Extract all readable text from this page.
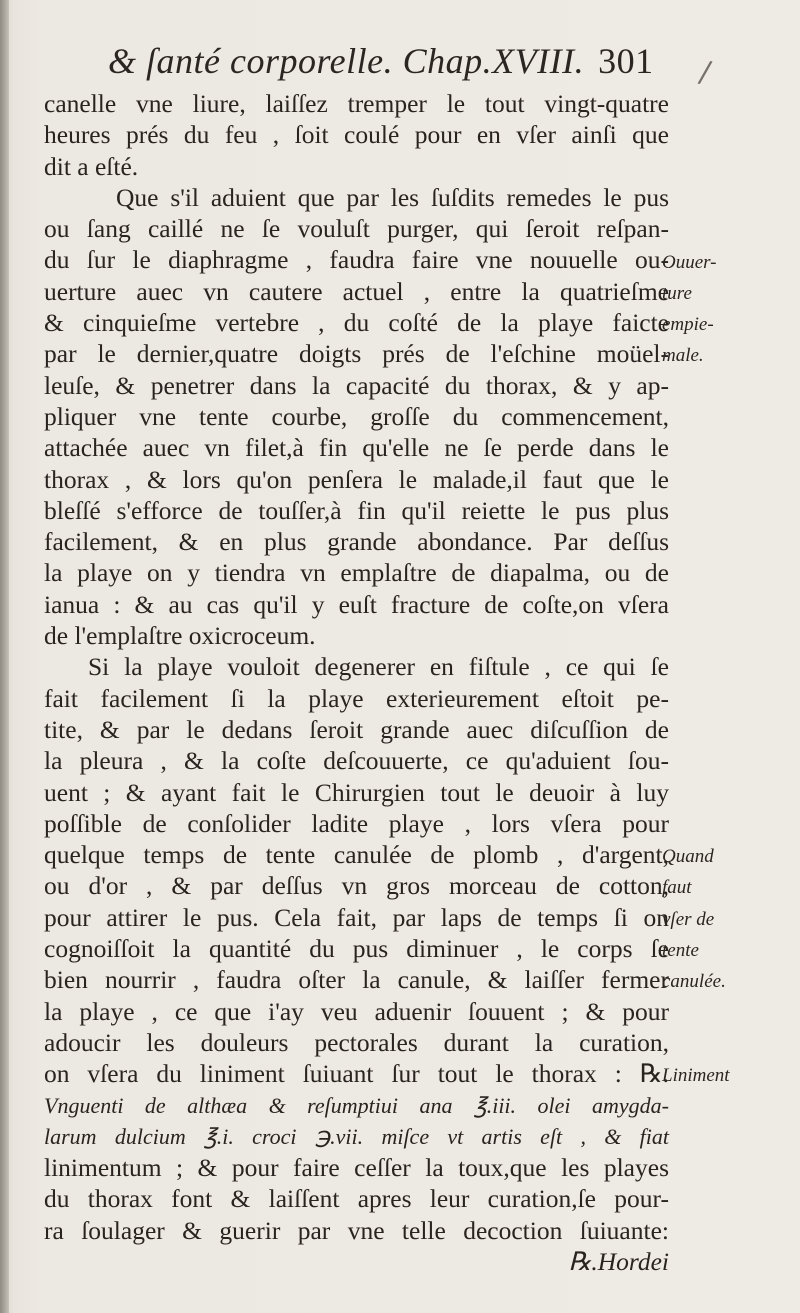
& ſanté corporelle. Chap.XVIII. 301	/
canelle vne liure, laiſſez tremper le tout vingt-quatre
heures prés du feu , ſoit coulé pour en vſer ainſi que
dit a eſté.
Que s'il aduient que par les ſuſdits remedes le pus
ou ſang caillé ne ſe vouluſt purger, qui ſeroit reſpan-
du ſur le diaphragme , faudra faire vne nouuelle ou-
uerture auec vn cautere actuel , entre la quatrieſme
& cinquieſme vertebre , du coſté de la playe faicte
par le dernier,quatre doigts prés de l'eſchine moüel-
leuſe, & penetrer dans la capacité du thorax, & y ap-
pliquer vne tente courbe, groſſe du commencement,
attachée auec vn filet,à fin qu'elle ne ſe perde dans le
thorax , & lors qu'on penſera le malade,il faut que le
bleſſé s'efforce de touſſer,à fin qu'il reiette le pus plus
facilement, & en plus grande abondance. Par deſſus
la playe on y tiendra vn emplaſtre de diapalma, ou de
ianua : & au cas qu'il y euſt fracture de coſte,on vſera
de l'emplaſtre oxicroceum.
Si la playe vouloit degenerer en fiſtule , ce qui ſe
fait facilement ſi la playe exterieurement eſtoit pe-
tite, & par le dedans ſeroit grande auec diſcuſſion de
la pleura , & la coſte deſcouuerte, ce qu'aduient ſou-
uent ; & ayant fait le Chirurgien tout le deuoir à luy
poſſible de conſolider ladite playe , lors vſera pour
quelque temps de tente canulée de plomb , d'argent,
ou d'or , & par deſſus vn gros morceau de cotton,
pour attirer le pus. Cela fait, par laps de temps ſi on
cognoiſſoit la quantité du pus diminuer , le corps ſe
bien nourrir , faudra oſter la canule, & laiſſer fermer
la playe , ce que i'ay veu aduenir ſouuent ; & pour
adoucir les douleurs pectorales durant la curation,
on vſera du liniment ſuiuant ſur tout le thorax : ℞.
Vnguenti de althæa & reſumptiui ana ℥.iii. olei amygda-
larum dulcium ℥.i. croci ℈.vii. miſce vt artis eſt , & fiat
linimentum ; & pour faire ceſſer la toux,que les playes
du thorax font & laiſſent apres leur curation,ſe pour-
ra ſoulager & guerir par vne telle decoction ſuiuante:
℞.Hordei
Ouuer-
ture
empie-
male.
Quand
faut
vſer de
tente
canulée.
Liniment
